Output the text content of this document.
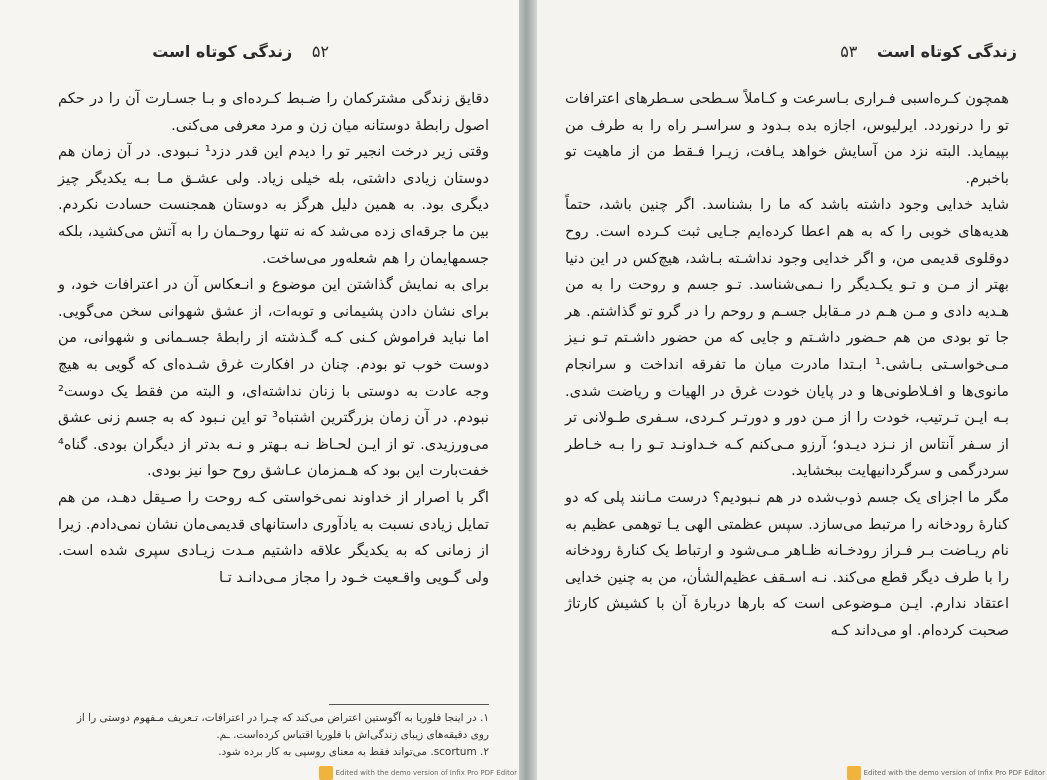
۵۲ زندگی کوتاه است

دقایق زندگی مشترکمان را ضـبط کـرده‌ای و بـا جسـارت آن را در حکم اصول رابطهٔ دوستانه میان زن و مرد معرفی می‌کنی.

وقتی زیر درخت انجیر تو را دیدم این قدر دزد¹ نـبودی. در آن زمان هم دوستان زیادی داشتی، بله خیلی زیاد. ولی عشـق مـا بـه یکدیگر چیز دیگری بود. به همین دلیل هرگز به دوستان همجنست حسادت نکردم. بین ما جرقه‌ای زده می‌شد که نه تنها روحـمان را به آتش می‌کشید، بلکه جسمهایمان را هم شعله‌ور می‌ساخت.

برای به نمایش گذاشتن این موضوع و انـعکاس آن در اعترافات خود، و برای نشان دادن پشیمانی و توبه‌ات، از عشق شهوانی سخن می‌گویی. اما نباید فراموش کـنی کـه گـذشته از رابطهٔ جسـمانی و شهوانی، من دوست خوب تو بودم. چنان در افکارت غرق شـده‌ای که گویی به هیچ وجه عادت به دوستی با زنان نداشته‌ای، و البته من فقط یک دوست² نبودم. در آن زمان بزرگترین اشتباه³ تو این نـبود که به جسم زنی عشق می‌ورزیدی. تو از ایـن لحـاظ نـه بـهتر و نـه بدتر از دیگران بودی. گناه⁴ خفت‌بارت این بود که هـمزمان عـاشق روح حوا نیز بودی.

اگر با اصرار از خداوند نمی‌خواستی کـه روحت را صـیقل دهـد، من هم تمایل زیادی نسبت به یادآوری داستانهای قدیمی‌مان نشان نمی‌دادم. زیرا از زمانی که به یکدیگر علاقه داشتیم مـدت زیـادی سپری شده است. ولی گـویی واقـعیت خـود را مجاز مـی‌دانـد تـا

۱. در اینجا فلوریا به آگوستین اعتراض می‌کند که چـرا در اعترافات، تـعریف مـفهوم دوستی را از روی دقیقه‌های زیبای زندگی‌اش با فلوریا اقتباس کرده‌است. ـم.

۲. scortum. می‌تواند فقط به معنای روسپی به کار برده شود.

Edited with the demo version of Infix Pro PDF Editor
زندگی کوتاه است ۵۳

همچون کـره‌اسبی فـراری بـاسرعت و کـاملاً سـطحی سـطرهای اعترافات تو را درنوردد. ایرلیوس، اجازه بده بـدود و سراسـر راه را به طرف من بپیماید. البته نزد من آسایش خواهد یـافت، زیـرا فـقط من از ماهیت تو باخبرم.

شاید خدایی وجود داشته باشد که ما را بشناسد. اگر چنین باشد، حتماً هدیه‌های خوبی را که به هم اعطا کرده‌ایم جـایی ثبت کـرده است. روح دوقلوی قدیمی من، و اگر خدایی وجود نداشـته بـاشد، هیچ‌کس در این دنیا بهتر از مـن و تـو یکـدیگر را نـمی‌شناسد. تـو جسم و روحت را به من هـدیه دادی و مـن هـم در مـقابل جسـم و روحم را در گرو تو گذاشتم. هر جا تو بودی من هم حـضور داشـتم و جایی که من حضور داشـتم تـو نـیز مـی‌خواسـتی بـاشی.¹ ابـتدا مادرت میان ما تفرقه انداخت و سرانجام مانوی‌ها و افـلاطونی‌ها و در پایان خودت غرق در الهیات و ریاضت شدی. بـه ایـن تـرتیب، خودت را از مـن دور و دورتـر کـردی، سـفری طـولانی تر از سـفر آنتاس از نـزد دیـدو؛ آرزو مـی‌کنم کـه خـداونـد تـو را بـه خـاطر سردرگمی و سرگردانیهایت ببخشاید.

مگر ما اجزای یک جسم ذوب‌شده در هم نـبودیم؟ درست مـانند پلی که دو کنارهٔ رودخانه را مرتبط می‌سازد. سپس عظمتی الهی یـا توهمی عظیم به نام ریـاضت بـر فـراز رودخـانه ظـاهر مـی‌شود و ارتباط یک کنارهٔ رودخانه را با طرف دیگر قطع می‌کند. نـه اسـقف عظیم‌الشأن، من به چنین خدایی اعتقاد ندارم. ایـن مـوضوعی است که بارها دربارهٔ آن با کشیش کارتاژ صحبت کرده‌ام. او می‌داند کـه

Edited with the demo version of Infix Pro PDF Editor
